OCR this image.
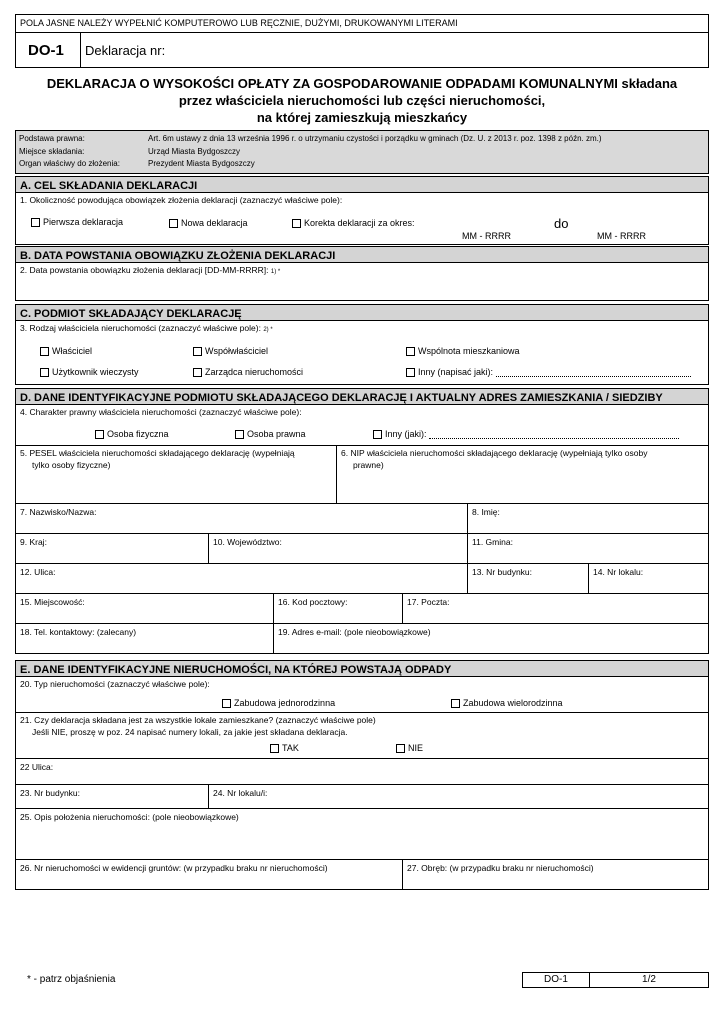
POLA JASNE NALEŻY WYPEŁNIĆ KOMPUTEROWO LUB RĘCZNIE, DUŻYMI, DRUKOWANYMI LITERAMI
DO-1 Deklaracja nr:
DEKLARACJA O WYSOKOŚCI OPŁATY ZA GOSPODAROWANIE ODPADAMI KOMUNALNYMI składana
przez właściciela nieruchomości lub części nieruchomości,
na której zamieszkują mieszkańcy
Podstawa prawna:	Art. 6m ustawy z dnia 13 września 1996 r. o utrzymaniu czystości i porządku w gminach (Dz. U. z 2013 r. poz. 1398 z późn. zm.)
Miejsce składania:	Urząd Miasta Bydgoszczy
Organ właściwy do złożenia:	Prezydent Miasta Bydgoszczy
A. CEL SKŁADANIA DEKLARACJI
1. Okoliczność powodująca obowiązek złożenia deklaracji (zaznaczyć właściwe pole):
Pierwsza deklaracja	Nowa deklaracja	Korekta deklaracji za okres:	do
MM - RRRR	MM - RRRR
B. DATA POWSTANIA OBOWIĄZKU ZŁOŻENIA DEKLARACJI
2. Data powstania obowiązku złożenia deklaracji [DD-MM-RRRR]: 1) *
C. PODMIOT SKŁADAJĄCY DEKLARACJĘ
3. Rodzaj właściciela nieruchomości (zaznaczyć właściwe pole): 2) *
Właściciel	Współwłaściciel	Wspólnota mieszkaniowa
Użytkownik wieczysty	Zarządca nieruchomości	Inny (napisać jaki):
D. DANE IDENTYFIKACYJNE PODMIOTU SKŁADAJĄCEGO DEKLARACJĘ I AKTUALNY ADRES ZAMIESZKANIA / SIEDZIBY
4. Charakter prawny właściciela nieruchomości (zaznaczyć właściwe pole):
Osoba fizyczna	Osoba prawna	Inny (jaki):
5. PESEL właściciela nieruchomości składającego deklarację (wypełniają
tylko osoby fizyczne)
6. NIP właściciela nieruchomości składającego deklarację (wypełniają tylko osoby
prawne)
7. Nazwisko/Nazwa:	8. Imię:
9. Kraj:	10. Województwo:	11. Gmina:
12. Ulica:	13. Nr budynku:	14. Nr lokalu:
15. Miejscowość:	16. Kod pocztowy:	17. Poczta:
18. Tel. kontaktowy: (zalecany)	19. Adres e-mail: (pole nieobowiązkowe)
E. DANE IDENTYFIKACYJNE NIERUCHOMOŚCI, NA KTÓREJ POWSTAJĄ ODPADY
20. Typ nieruchomości (zaznaczyć właściwe pole):
Zabudowa jednorodzinna	Zabudowa wielorodzinna
21. Czy deklaracja składana jest za wszystkie lokale zamieszkane? (zaznaczyć właściwe pole)
Jeśli NIE, proszę w poz. 24 napisać numery lokali, za jakie jest składana deklaracja.
TAK	NIE
22 Ulica:
23. Nr budynku:	24. Nr lokalu/i:
25. Opis położenia nieruchomości: (pole nieobowiązkowe)
26. Nr nieruchomości w ewidencji gruntów: (w przypadku braku nr nieruchomości)	27. Obręb: (w przypadku braku nr nieruchomości)
* - patrz objaśnienia	DO-1	1/2
